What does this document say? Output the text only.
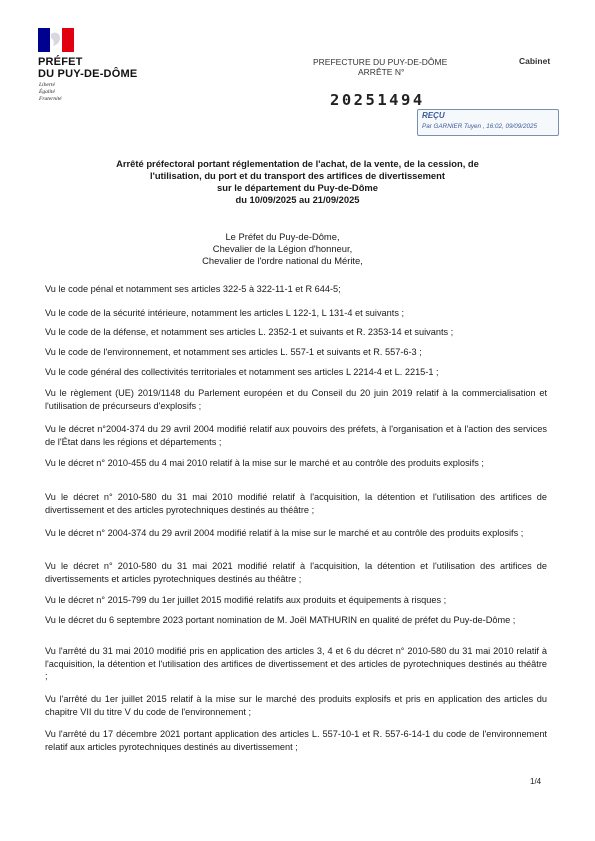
PRÉFET
DU PUY-DE-DÔME
Liberté
Égalité
Fraternité
PREFECTURE DU PUY-DE-DÔME
ARRÊTE N°
Cabinet
20251494
REÇU
Par GARNIER Tuyen , 16:02, 09/09/2025
Arrêté préfectoral portant réglementation de l'achat, de la vente, de la cession, de
l'utilisation, du port et du transport des artifices de divertissement
sur le département du Puy-de-Dôme
du 10/09/2025 au 21/09/2025
Le Préfet du Puy-de-Dôme,
Chevalier de la Légion d'honneur,
Chevalier de l'ordre national du Mérite,
Vu le code pénal et notamment ses articles 322-5 à 322-11-1 et R 644-5;
Vu le code de la sécurité intérieure, notamment les articles L 122-1, L 131-4 et suivants ;
Vu le code de la défense, et notamment ses articles L. 2352-1 et suivants et R. 2353-14 et suivants ;
Vu le code de l'environnement, et notamment ses articles L. 557-1 et suivants et R. 557-6-3 ;
Vu le code général des collectivités territoriales et notamment ses articles L 2214-4 et L. 2215-1 ;
Vu le règlement (UE) 2019/1148 du Parlement européen et du Conseil du 20 juin 2019 relatif à la commercialisation et l'utilisation de précurseurs d'explosifs ;
Vu le décret n°2004-374 du 29 avril 2004 modifié relatif aux pouvoirs des préfets, à l'organisation et à l'action des services de l'État dans les régions et départements ;
Vu le décret n° 2010-455 du 4 mai 2010 relatif à la mise sur le marché et au contrôle des produits explosifs ;
Vu le décret n° 2010-580 du 31 mai 2010 modifié relatif à l'acquisition, la détention et l'utilisation des artifices de divertissement et des articles pyrotechniques destinés au théâtre ;
Vu le décret n° 2004-374 du 29 avril 2004 modifié relatif à la mise sur le marché et au contrôle des produits explosifs ;
Vu le décret n° 2010-580 du 31 mai 2021 modifié relatif à l'acquisition, la détention et l'utilisation des artifices de divertissements et articles pyrotechniques destinés au théâtre ;
Vu le décret n° 2015-799 du 1er juillet 2015 modifié relatifs aux produits et équipements à risques ;
Vu le décret du 6 septembre 2023 portant nomination de M. Joël MATHURIN en qualité de préfet du Puy-de-Dôme ;
Vu l'arrêté du 31 mai 2010 modifié pris en application des articles 3, 4 et 6 du décret n° 2010-580 du 31 mai 2010 relatif à l'acquisition, la détention et l'utilisation des artifices de divertissement et des articles de pyrotechniques destinés au théâtre ;
Vu l'arrêté du 1er juillet 2015 relatif à la mise sur le marché des produits explosifs et pris en application des articles du chapitre VII du titre V du code de l'environnement ;
Vu l'arrêté du 17 décembre 2021 portant application des articles L. 557-10-1 et R. 557-6-14-1 du code de l'environnement relatif aux articles pyrotechniques destinés au divertissement ;
1/4
